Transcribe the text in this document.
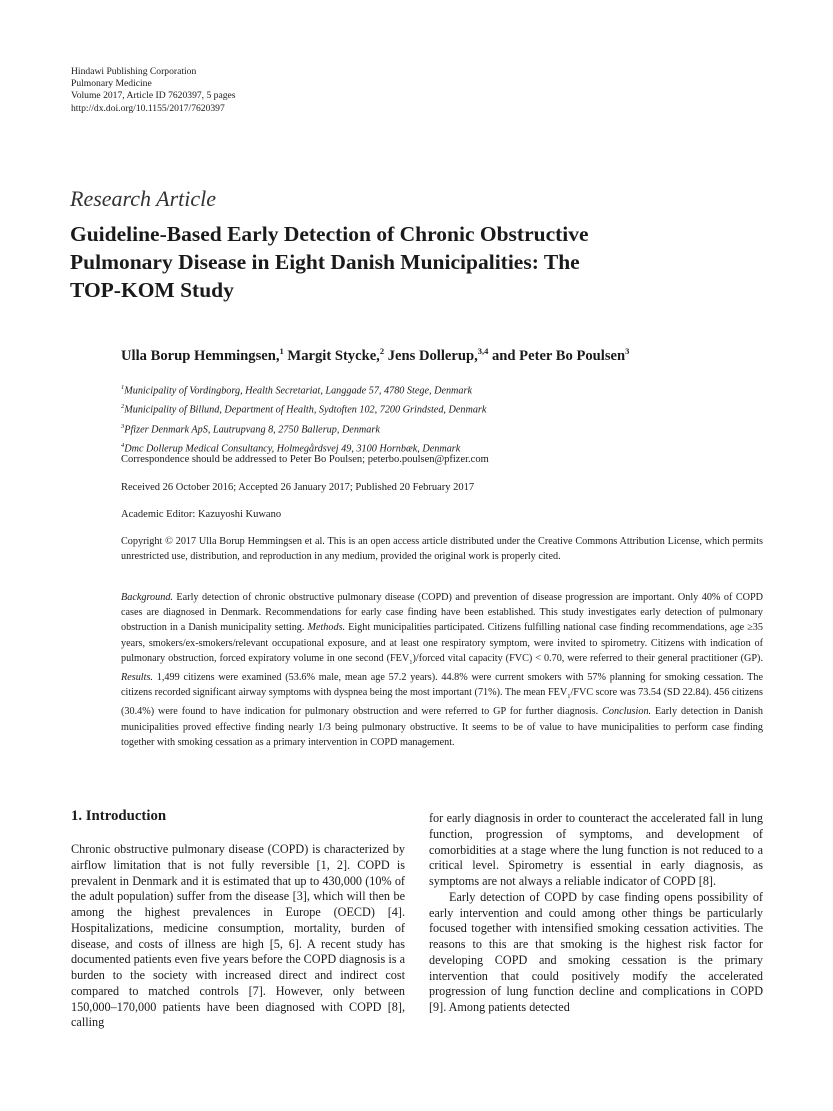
Hindawi Publishing Corporation
Pulmonary Medicine
Volume 2017, Article ID 7620397, 5 pages
http://dx.doi.org/10.1155/2017/7620397
Research Article
Guideline-Based Early Detection of Chronic Obstructive
Pulmonary Disease in Eight Danish Municipalities: The
TOP-KOM Study
Ulla Borup Hemmingsen,$^1$ Margit Stycke,$^2$ Jens Dollerup,$^{3,4}$ and Peter Bo Poulsen$^3$
$^1$Municipality of Vordingborg, Health Secretariat, Langgade 57, 4780 Stege, Denmark
$^2$Municipality of Billund, Department of Health, Sydtoften 102, 7200 Grindsted, Denmark
$^3$Pfizer Denmark ApS, Lautrupvang 8, 2750 Ballerup, Denmark
$^4$Dmc Dollerup Medical Consultancy, Holmegårdsvej 49, 3100 Hornbæk, Denmark
Correspondence should be addressed to Peter Bo Poulsen; peterbo.poulsen@pfizer.com
Received 26 October 2016; Accepted 26 January 2017; Published 20 February 2017
Academic Editor: Kazuyoshi Kuwano
Copyright © 2017 Ulla Borup Hemmingsen et al. This is an open access article distributed under the Creative Commons Attribution License, which permits unrestricted use, distribution, and reproduction in any medium, provided the original work is properly cited.
Background. Early detection of chronic obstructive pulmonary disease (COPD) and prevention of disease progression are important. Only 40% of COPD cases are diagnosed in Denmark. Recommendations for early case finding have been established. This study investigates early detection of pulmonary obstruction in a Danish municipality setting. Methods. Eight municipalities participated. Citizens fulfilling national case finding recommendations, age ≥35 years, smokers/ex-smokers/relevant occupational exposure, and at least one respiratory symptom, were invited to spirometry. Citizens with indication of pulmonary obstruction, forced expiratory volume in one second $(FEV_1)$/forced vital capacity (FVC) < 0.70, were referred to their general practitioner (GP). Results. 1,499 citizens were examined (53.6% male, mean age 57.2 years). 44.8% were current smokers with 57% planning for smoking cessation. The citizens recorded significant airway symptoms with dyspnea being the most important (71%). The mean $FEV_1$/FVC score was 73.54 (SD 22.84). 456 citizens (30.4%) were found to have indication for pulmonary obstruction and were referred to GP for further diagnosis. Conclusion. Early detection in Danish municipalities proved effective finding nearly 1/3 being pulmonary obstructive. It seems to be of value to have municipalities to perform case finding together with smoking cessation as a primary intervention in COPD management.
1. Introduction

Chronic obstructive pulmonary disease (COPD) is characterized by airflow limitation that is not fully reversible [1, 2]. COPD is prevalent in Denmark and it is estimated that up to 430,000 (10% of the adult population) suffer from the disease [3], which will then be among the highest prevalences in Europe (OECD) [4]. Hospitalizations, medicine consumption, mortality, burden of disease, and costs of illness are high [5, 6]. A recent study has documented patients even five years before the COPD diagnosis is a burden to the society with increased direct and indirect cost compared to matched controls [7]. However, only between 150,000–170,000 patients have been diagnosed with COPD [8], calling

for early diagnosis in order to counteract the accelerated fall in lung function, progression of symptoms, and development of comorbidities at a stage where the lung function is not reduced to a critical level. Spirometry is essential in early diagnosis, as symptoms are not always a reliable indicator of COPD [8].

Early detection of COPD by case finding opens possibility of early intervention and could among other things be particularly focused together with intensified smoking cessation activities. The reasons to this are that smoking is the highest risk factor for developing COPD and smoking cessation is the primary intervention that could positively modify the accelerated progression of lung function decline and complications in COPD [9]. Among patients detected
